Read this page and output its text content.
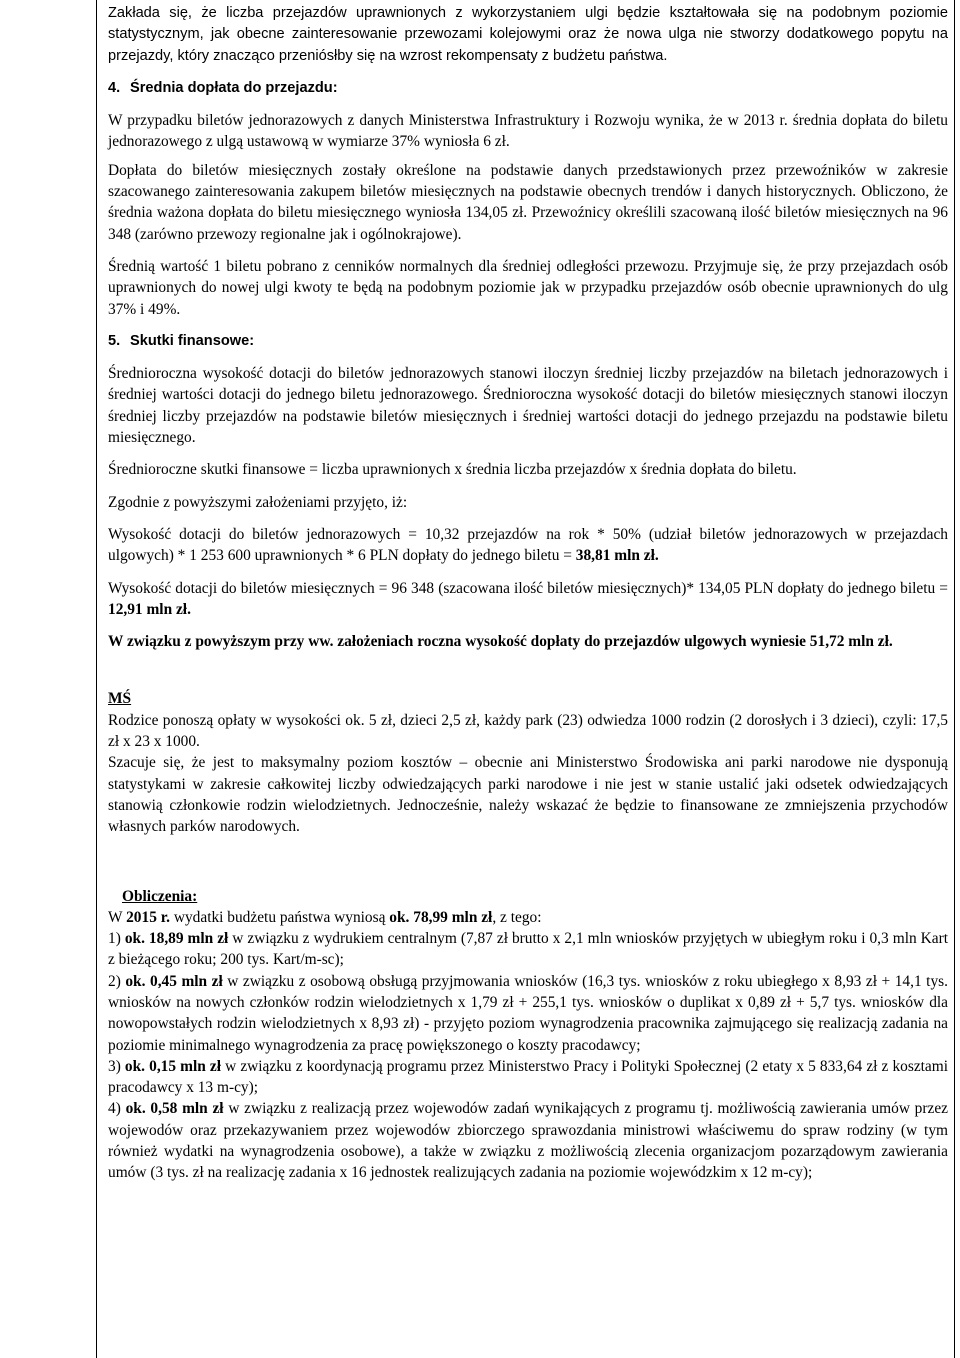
Zakłada się, że liczba przejazdów uprawnionych z wykorzystaniem ulgi będzie kształtowała się na podobnym poziomie statystycznym, jak obecne zainteresowanie przewozami kolejowymi oraz że nowa ulga nie stworzy dodatkowego popytu na przejazdy, który znacząco przeniósłby się na wzrost rekompensaty z budżetu państwa.

4. Średnia dopłata do przejazdu:

W przypadku biletów jednorazowych z danych Ministerstwa Infrastruktury i Rozwoju wynika, że w 2013 r. średnia dopłata do biletu jednorazowego z ulgą ustawową w wymiarze 37% wyniosła 6 zł.

Dopłata do biletów miesięcznych zostały określone na podstawie danych przedstawionych przez przewoźników w zakresie szacowanego zainteresowania zakupem biletów miesięcznych na podstawie obecnych trendów i danych historycznych. Obliczono, że średnia ważona dopłata do biletu miesięcznego wyniosła 134,05 zł. Przewoźnicy określili szacowaną ilość biletów miesięcznych na 96 348 (zarówno przewozy regionalne jak i ogólnokrajowe).

Średnią wartość 1 biletu pobrano z cenników normalnych dla średniej odległości przewozu. Przyjmuje się, że przy przejazdach osób uprawnionych do nowej ulgi kwoty te będą na podobnym poziomie jak w przypadku przejazdów osób obecnie uprawnionych do ulg 37% i 49%.

5. Skutki finansowe:

Średnioroczna wysokość dotacji do biletów jednorazowych stanowi iloczyn średniej liczby przejazdów na biletach jednorazowych i średniej wartości dotacji do jednego biletu jednorazowego. Średnioroczna wysokość dotacji do biletów miesięcznych stanowi iloczyn średniej liczby przejazdów na podstawie biletów miesięcznych i średniej wartości dotacji do jednego przejazdu na podstawie biletu miesięcznego.

Średnioroczne skutki finansowe = liczba uprawnionych x średnia liczba przejazdów x średnia dopłata do biletu.

Zgodnie z powyższymi założeniami przyjęto, iż:

Wysokość dotacji do biletów jednorazowych = 10,32 przejazdów na rok * 50% (udział biletów jednorazowych w przejazdach ulgowych) * 1 253 600 uprawnionych * 6 PLN dopłaty do jednego biletu = 38,81 mln zł.

Wysokość dotacji do biletów miesięcznych = 96 348 (szacowana ilość biletów miesięcznych)* 134,05 PLN dopłaty do jednego biletu = 12,91 mln zł.

W związku z powyższym przy ww. założeniach roczna wysokość dopłaty do przejazdów ulgowych wyniesie 51,72 mln zł.

MŚ

Rodzice ponoszą opłaty w wysokości ok. 5 zł, dzieci 2,5 zł, każdy park (23) odwiedza 1000 rodzin (2 dorosłych i 3 dzieci), czyli: 17,5 zł x 23 x 1000.

Szacuje się, że jest to maksymalny poziom kosztów – obecnie ani Ministerstwo Środowiska ani parki narodowe nie dysponują statystykami w zakresie całkowitej liczby odwiedzających parki narodowe i nie jest w stanie ustalić jaki odsetek odwiedzających stanowią członkowie rodzin wielodzietnych. Jednocześnie, należy wskazać że będzie to finansowane ze zmniejszenia przychodów własnych parków narodowych.

Obliczenia:

W 2015 r. wydatki budżetu państwa wyniosą ok. 78,99 mln zł, z tego:

1) ok. 18,89 mln zł w związku z wydrukiem centralnym (7,87 zł brutto x 2,1 mln wniosków przyjętych w ubiegłym roku i 0,3 mln Kart z bieżącego roku; 200 tys. Kart/m-sc);

2) ok. 0,45 mln zł w związku z osobową obsługą przyjmowania wniosków (16,3 tys. wniosków z roku ubiegłego x 8,93 zł + 14,1 tys. wniosków na nowych członków rodzin wielodzietnych x 1,79 zł + 255,1 tys. wniosków o duplikat x 0,89 zł + 5,7 tys. wniosków dla nowopowstałych rodzin wielodzietnych x 8,93 zł) - przyjęto poziom wynagrodzenia pracownika zajmującego się realizacją zadania na poziomie minimalnego wynagrodzenia za pracę powiększonego o koszty pracodawcy;

3) ok. 0,15 mln zł w związku z koordynacją programu przez Ministerstwo Pracy i Polityki Społecznej (2 etaty x 5 833,64 zł z kosztami pracodawcy x 13 m-cy);

4) ok. 0,58 mln zł w związku z realizacją przez wojewodów zadań wynikających z programu tj. możliwością zawierania umów przez wojewodów oraz przekazywaniem przez wojewodów zbiorczego sprawozdania ministrowi właściwemu do spraw rodziny (w tym również wydatki na wynagrodzenia osobowe), a także w związku z możliwością zlecenia organizacjom pozarządowym zawierania umów (3 tys. zł na realizację zadania x 16 jednostek realizujących zadania na poziomie wojewódzkim x 12 m-cy);
